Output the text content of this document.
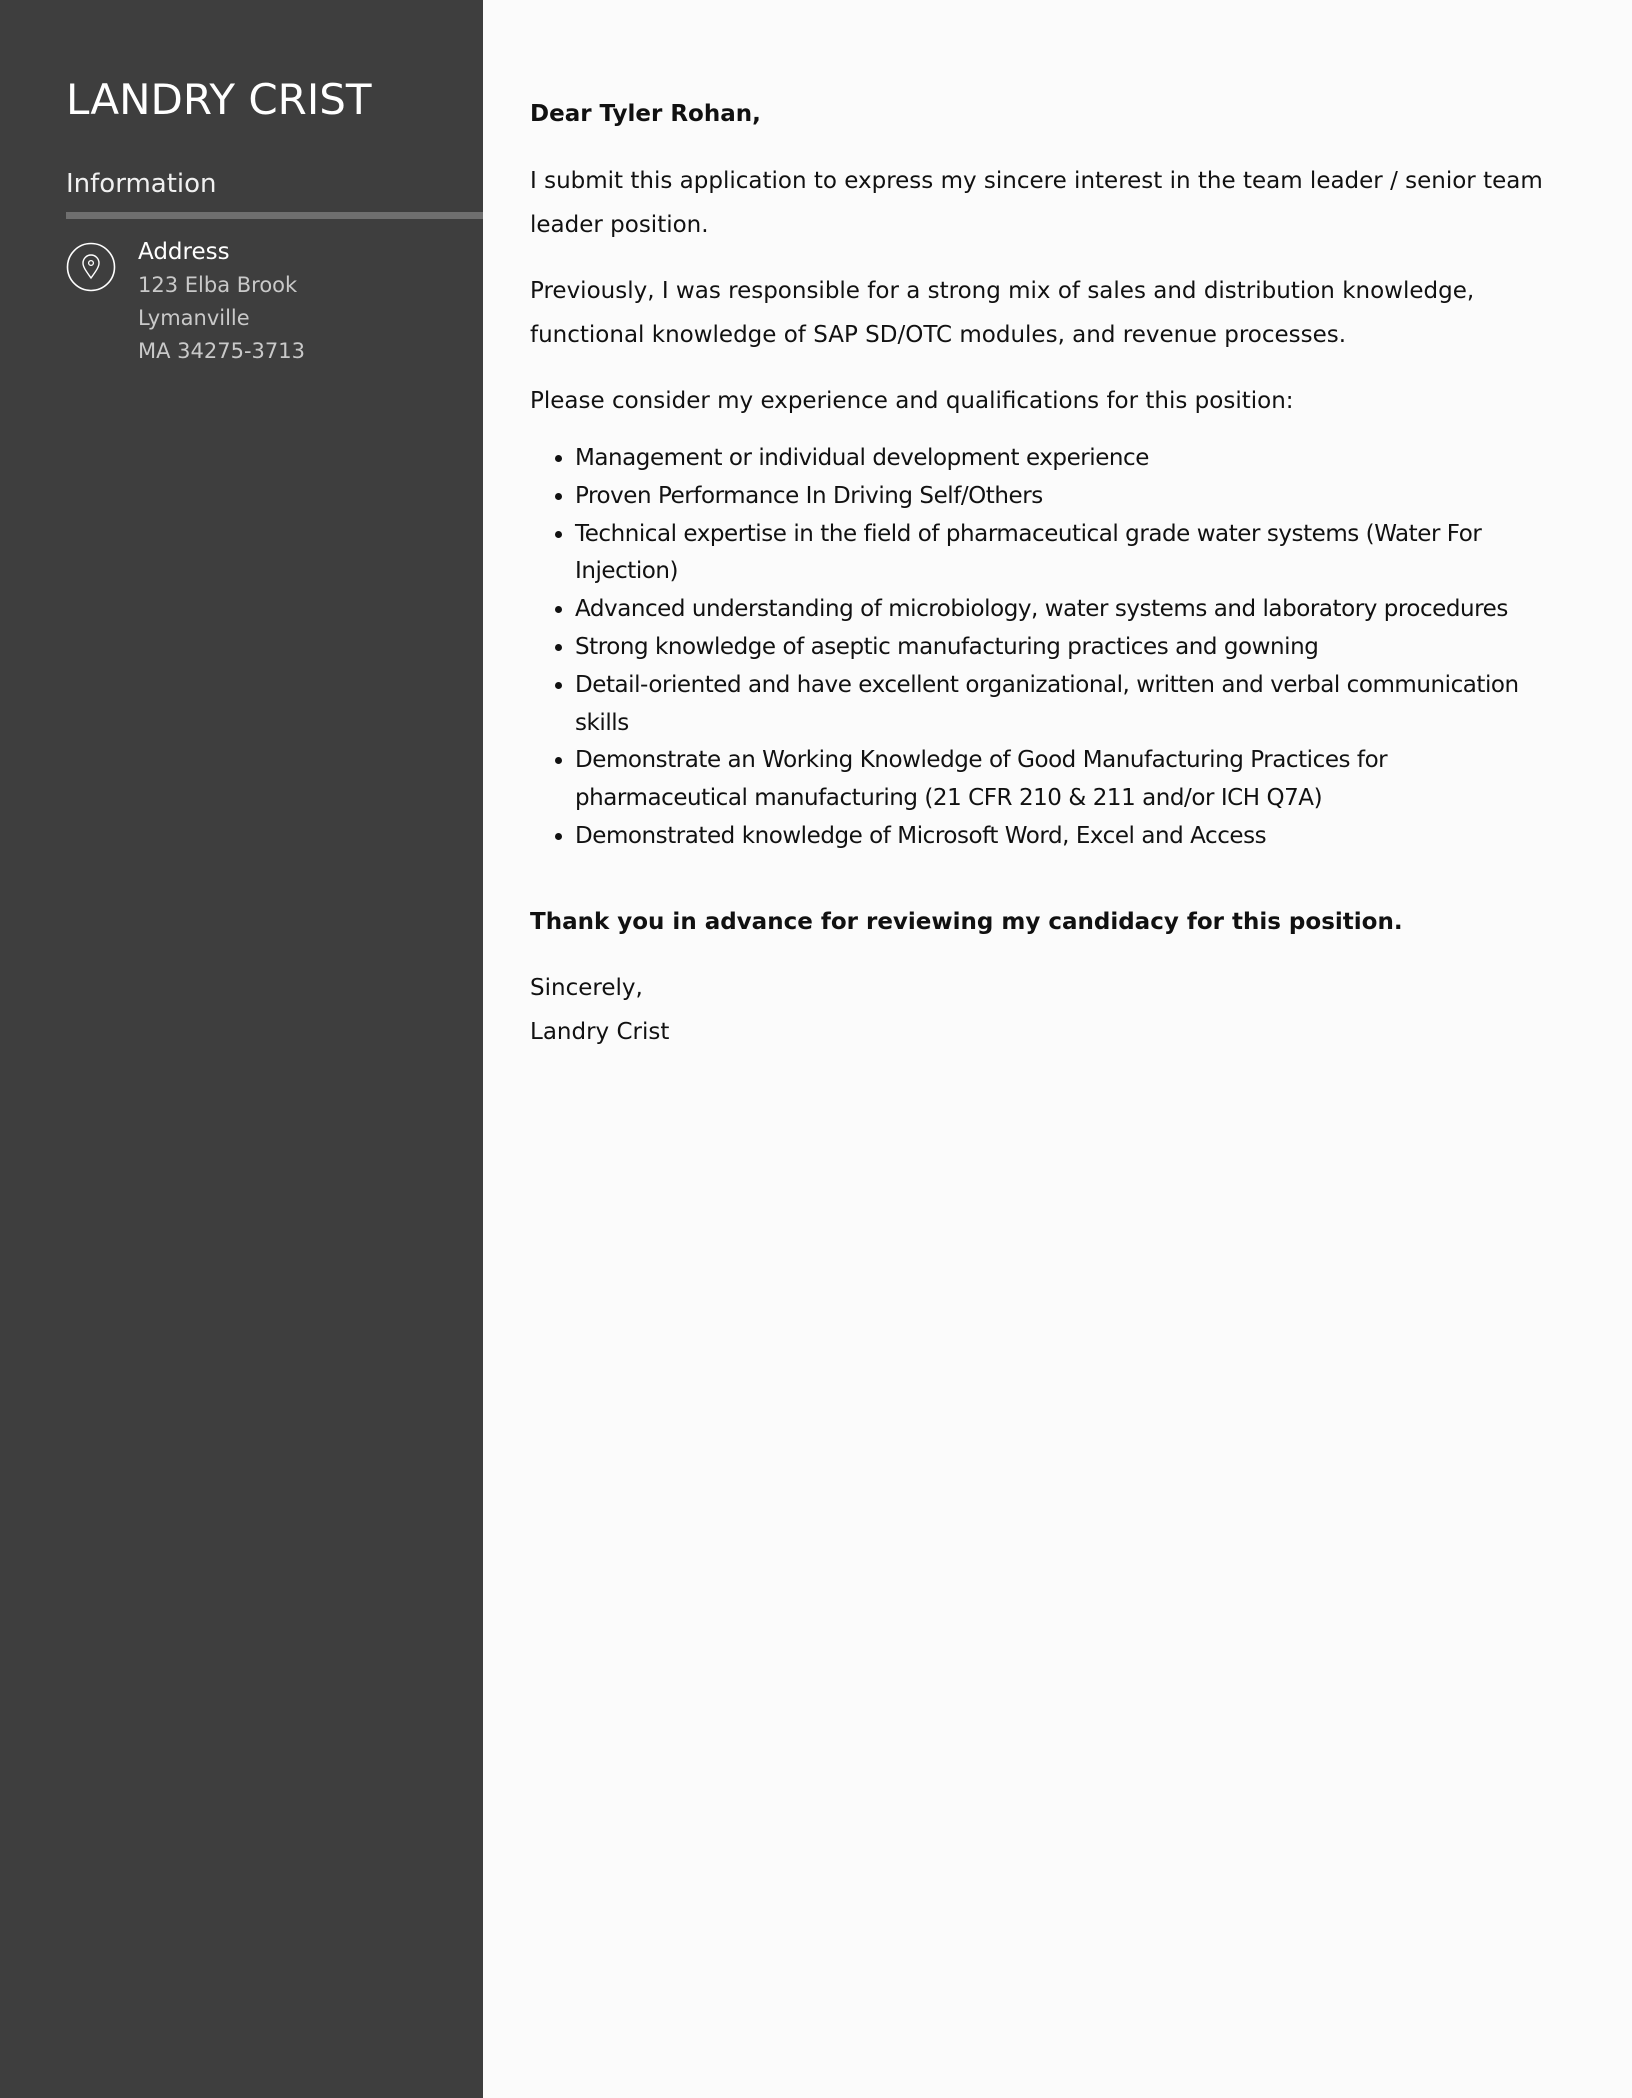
LANDRY CRIST
Information
Address
123 Elba Brook
Lymanville
MA 34275-3713

Dear Tyler Rohan,

I submit this application to express my sincere interest in the team leader / senior team leader position.

Previously, I was responsible for a strong mix of sales and distribution knowledge, functional knowledge of SAP SD/OTC modules, and revenue processes.

Please consider my experience and qualifications for this position:

• Management or individual development experience
• Proven Performance In Driving Self/Others
• Technical expertise in the field of pharmaceutical grade water systems (Water For Injection)
• Advanced understanding of microbiology, water systems and laboratory procedures
• Strong knowledge of aseptic manufacturing practices and gowning
• Detail-oriented and have excellent organizational, written and verbal communication skills
• Demonstrate an Working Knowledge of Good Manufacturing Practices for pharmaceutical manufacturing (21 CFR 210 & 211 and/or ICH Q7A)
• Demonstrated knowledge of Microsoft Word, Excel and Access

Thank you in advance for reviewing my candidacy for this position.

Sincerely,

Landry Crist
